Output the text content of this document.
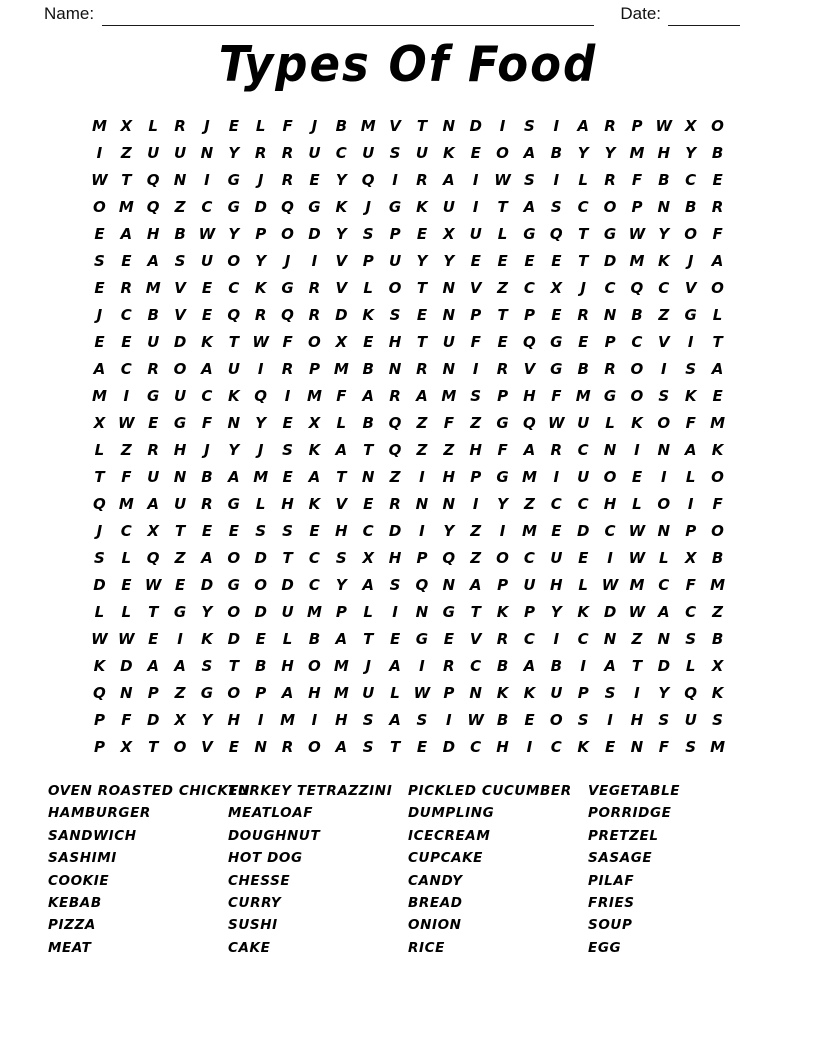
Name:	Date:
Types Of Food
M X	L	R	J	E	L	F	J	B M V	T	N D	I	S	I	A	R	P W X O
I	Z	U U N	Y	R	R	U	C	U	S	U K	E	O A	B	Y	Y M H	Y	B
W T	Q N	I	G	J	R	E	Y	Q	I	R	A	I	W S	I	L	R	F	B	C	E
O M Q	Z	C	G D Q G K	J	G K U	I	T	A	S	C O	P	N B	R
E	A H B W Y	P O D	Y	S	P	E	X	U	L	G Q	T	G W Y	O	F
S	E	A	S	U O	Y	J	I	V	P	U	Y	Y	E	E	E	E	T	D M K	J	A
E	R M V	E	C	K G R	V	L	O	T	N V	Z	C	X	J	C Q C	V O
J	C	B	V	E	Q R Q R D K	S	E	N	P	T	P	E	R N B	Z	G	L
E	E	U D K	T W F	O X	E	H	T	U	F	E	Q G	E	P	C	V	I	T
A	C	R O A U	I	R	P M B N R N	I	R	V G	B	R O	I	S	A
M	I	G U	C	K Q	I	M F	A	R	A M S	P	H	F M G O	S	K	E
X W E	G	F	N	Y	E	X	L	B Q	Z	F	Z	G Q W U	L	K O	F M
L	Z	R H	J	Y	J	S	K	A	T	Q	Z	Z	H	F	A	R	C	N	I	N A	K
T	F	U N B	A M E	A	T	N	Z	I	H	P	G M	I	U O	E	I	L	O
Q M A U	R G	L	H K	V	E	R N N	I	Y	Z	C	C	H	L	O	I	F
J	C	X	T	E	E	S	S	E	H	C	D	I	Y	Z	I	M E	D	C W N	P O
S	L	Q	Z	A O D	T	C	S	X H	P Q	Z	O C	U	E	I	W L	X	B
D	E W E	D G O D	C	Y	A	S	Q N A	P	U H	L W M C	F M
L	L	T	G	Y	O D U M P	L	I	N G	T	K	P	Y	K D W A	C	Z
W W E	I	K D	E	L	B	A	T	E	G	E	V	R	C	I	C	N	Z	N	S	B
K D A	A	S	T	B H O M	J	A	I	R	C	B	A	B	I	A	T	D	L	X
Q N	P	Z	G O	P	A H M U	L W P	N K	K U	P	S	I	Y	Q K
P	F	D X	Y	H	I	M	I	H	S	A	S	I	W B	E	O	S	I	H	S	U	S
P	X	T	O V	E	N R O A	S	T	E	D	C	H	I	C	K	E	N	F	S M
OVEN ROASTED CHICKEN
HAMBURGER
SANDWICH
SASHIMI
COOKIE
KEBAB
PIZZA
MEAT
TURKEY TETRAZZINI
MEATLOAF
DOUGHNUT
HOT DOG
CHESSE
CURRY
SUSHI
CAKE
PICKLED CUCUMBER
DUMPLING
ICECREAM
CUPCAKE
CANDY
BREAD
ONION
RICE
VEGETABLE
PORRIDGE
PRETZEL
SASAGE
PILAF
FRIES
SOUP
EGG
